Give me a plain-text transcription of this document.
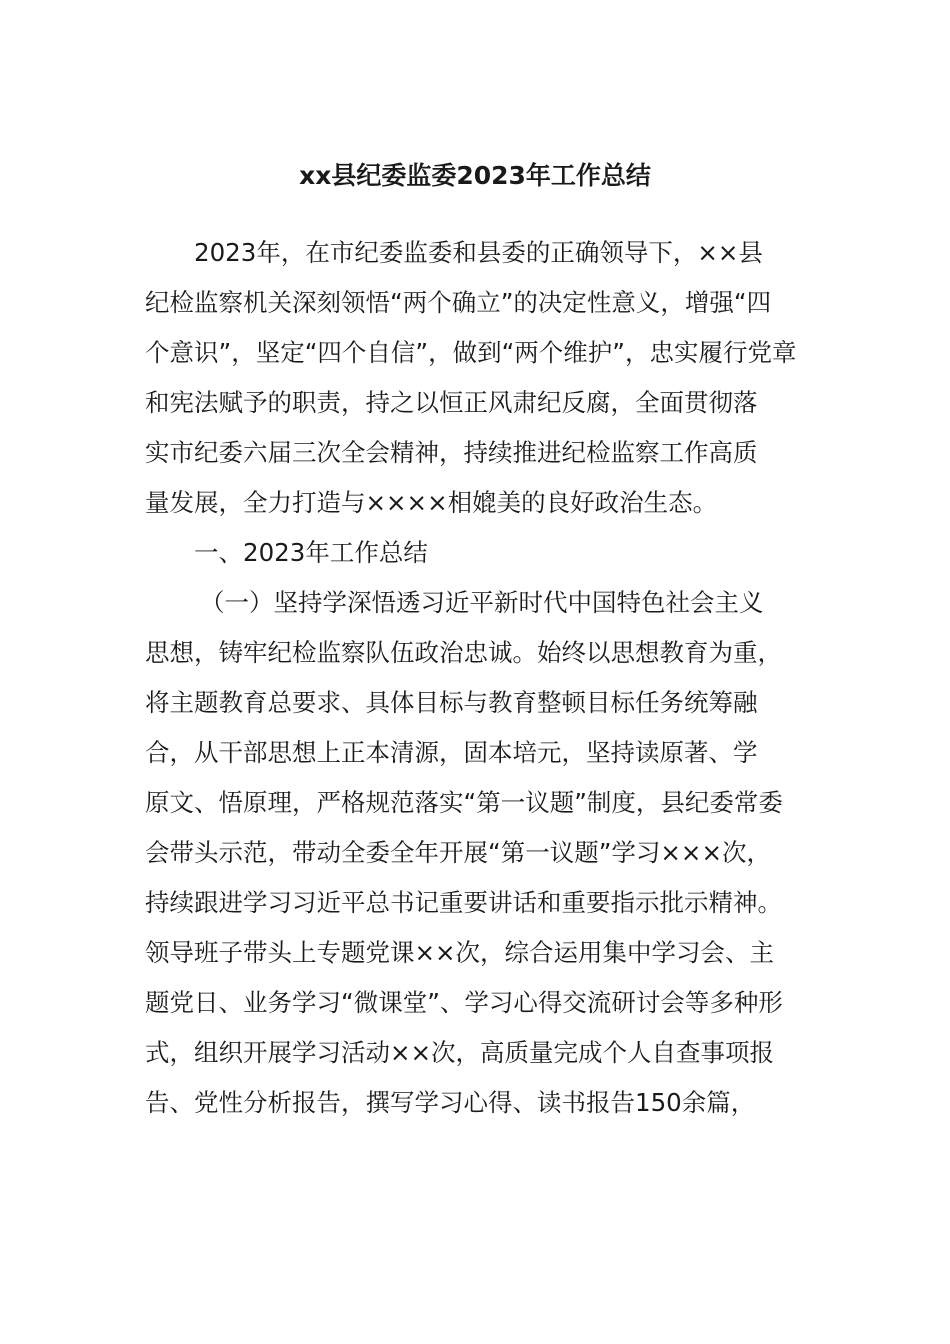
xx县纪委监委2023年工作总结
2023年，在市纪委监委和县委的正确领导下，××县
纪检监察机关深刻领悟“两个确立”的决定性意义，增强“四
个意识”，坚定“四个自信”，做到“两个维护”，忠实履行党章
和宪法赋予的职责，持之以恒正风肃纪反腐，全面贯彻落
实市纪委六届三次全会精神，持续推进纪检监察工作高质
量发展，全力打造与××××相媲美的良好政治生态。
一、2023年工作总结
（一）坚持学深悟透习近平新时代中国特色社会主义
思想，铸牢纪检监察队伍政治忠诚。始终以思想教育为重，
将主题教育总要求、具体目标与教育整顿目标任务统筹融
合，从干部思想上正本清源，固本培元，坚持读原著、学
原文、悟原理，严格规范落实“第一议题”制度，县纪委常委
会带头示范，带动全委全年开展“第一议题”学习×××次，
持续跟进学习习近平总书记重要讲话和重要指示批示精神。
领导班子带头上专题党课××次，综合运用集中学习会、主
题党日、业务学习“微课堂”、学习心得交流研讨会等多种形
式，组织开展学习活动××次，高质量完成个人自查事项报
告、党性分析报告，撰写学习心得、读书报告150余篇，
